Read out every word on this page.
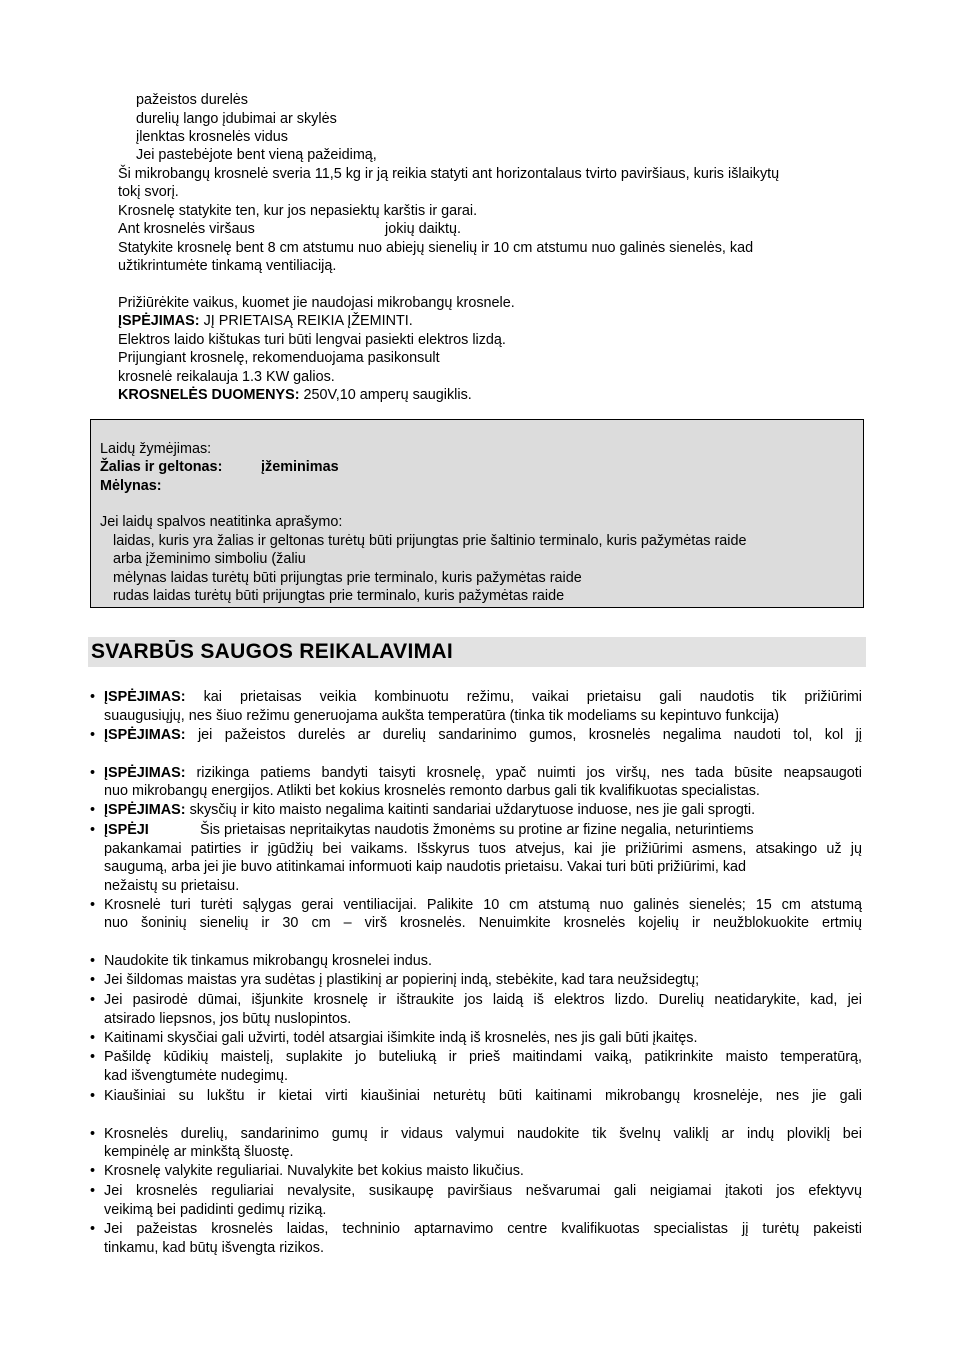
pažeistos durelės
durelių lango įdubimai ar skylės
įlenktas krosnelės vidus
Jei pastebėjote bent vieną pažeidimą,
Ši mikrobangų krosnelė sveria 11,5 kg ir ją reikia statyti ant horizontalaus tvirto paviršiaus, kuris išlaikytų
tokį svorį.
Krosnelę statykite ten, kur jos nepasiektų karštis ir garai.
Ant krosnelės viršaus	jokių daiktų.
Statykite krosnelę bent 8 cm atstumu nuo abiejų sienelių ir 10 cm atstumu nuo galinės sienelės, kad
užtikrintumėte tinkamą ventiliaciją.
Prižiūrėkite vaikus, kuomet jie naudojasi mikrobangų krosnele.
ĮSPĖJIMAS: JĮ PRIETAISĄ REIKIA ĮŽEMINTI.
Elektros laido kištukas turi būti lengvai pasiekti elektros lizdą.
Prijungiant krosnelę, rekomenduojama pasikonsult
krosnelė reikalauja 1.3 KW galios.
KROSNELĖS DUOMENYS: 250V,10 amperų saugiklis.
Laidų žymėjimas:
Žalias ir geltonas:	įžeminimas
Mėlynas:
Jei laidų spalvos neatitinka aprašymo:
laidas, kuris yra žalias ir geltonas turėtų būti prijungtas prie šaltinio terminalo, kuris pažymėtas raide
arba įžeminimo simboliu (žaliu
mėlynas laidas turėtų būti prijungtas prie terminalo, kuris pažymėtas raide
rudas laidas turėtų būti prijungtas prie terminalo, kuris pažymėtas raide
SVARBŪS SAUGOS REIKALAVIMAI
• ĮSPĖJIMAS: kai prietaisas veikia kombinuotu režimu, vaikai prietaisu gali naudotis tik prižiūrimi
suaugusiųjų, nes šiuo režimu generuojama aukšta temperatūra (tinka tik modeliams su kepintuvo funkcija)
• ĮSPĖJIMAS: jei pažeistos durelės ar durelių sandarinimo gumos, krosnelės negalima naudoti tol, kol jį
• ĮSPĖJIMAS: rizikinga patiems bandyti taisyti krosnelę, ypač nuimti jos viršų, nes tada būsite neapsaugoti
nuo mikrobangų energijos. Atlikti bet kokius krosnelės remonto darbus gali tik kvalifikuotas specialistas.
• ĮSPĖJIMAS: skysčių ir kito maisto negalima kaitinti sandariai uždarytuose induose, nes jie gali sprogti.
• ĮSPĖJI	Šis prietaisas nepritaikytas naudotis žmonėms su protine ar fizine negalia, neturintiems
pakankamai patirties ir įgūdžių bei vaikams. Išskyrus tuos atvejus, kai jie prižiūrimi asmens, atsakingo už jų
saugumą, arba jei jie buvo atitinkamai informuoti kaip naudotis prietaisu. Vakai turi būti prižiūrimi, kad
nežaistų su prietaisu.
• Krosnelė turi turėti sąlygas gerai ventiliacijai. Palikite 10 cm atstumą nuo galinės sienelės; 15 cm atstumą
nuo šoninių sienelių ir 30 cm – virš krosnelės. Nenuimkite krosnelės kojelių ir neužblokuokite ertmių
• Naudokite tik tinkamus mikrobangų krosnelei indus.
• Jei šildomas maistas yra sudėtas į plastikinį ar popierinį indą, stebėkite, kad tara neužsidegtų;
• Jei pasirodė dūmai, išjunkite krosnelę ir ištraukite jos laidą iš elektros lizdo. Durelių neatidarykite, kad, jei
atsirado liepsnos, jos būtų nuslopintos.
• Kaitinami skysčiai gali užvirti, todėl atsargiai išimkite indą iš krosnelės, nes jis gali būti įkaitęs.
• Pašildę kūdikių maistelį, suplakite jo buteliuką ir prieš maitindami vaiką, patikrinkite maisto temperatūrą,
kad išvengtumėte nudegimų.
• Kiaušiniai su lukštu ir kietai virti kiaušiniai neturėtų būti kaitinami mikrobangų krosnelėje, nes jie gali
• Krosnelės durelių, sandarinimo gumų ir vidaus valymui naudokite tik švelnų valiklį ar indų ploviklį bei
kempinėlę ar minkštą šluostę.
• Krosnelę valykite reguliariai. Nuvalykite bet kokius maisto likučius.
• Jei krosnelės reguliariai nevalysite, susikaupę paviršiaus nešvarumai gali neigiamai įtakoti jos efektyvų
veikimą bei padidinti gedimų riziką.
• Jei pažeistas krosnelės laidas, techninio aptarnavimo centre kvalifikuotas specialistas jį turėtų pakeisti
tinkamu, kad būtų išvengta rizikos.
